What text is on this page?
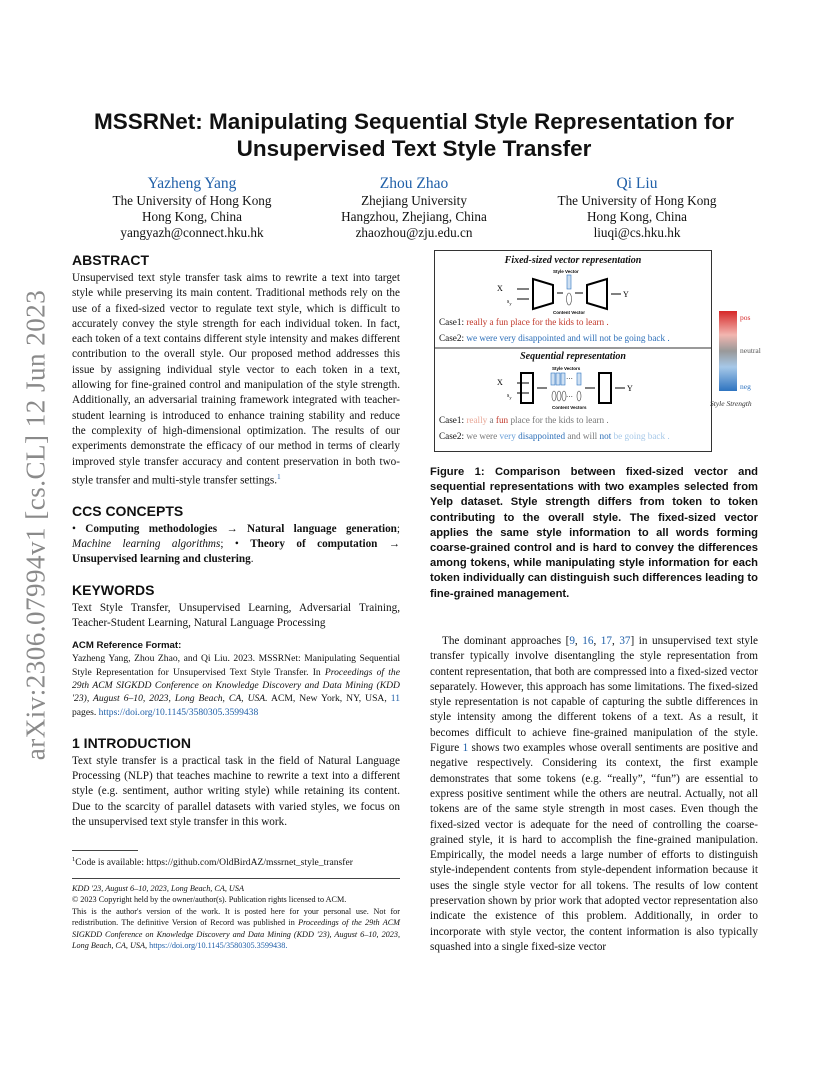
arXiv:2306.07994v1 [cs.CL] 12 Jun 2023
MSSRNet: Manipulating Sequential Style Representation for Unsupervised Text Style Transfer
Yazheng Yang
The University of Hong Kong
Hong Kong, China
yangyazh@connect.hku.hk
Zhou Zhao
Zhejiang University
Hangzhou, Zhejiang, China
zhaozhou@zju.edu.cn
Qi Liu
The University of Hong Kong
Hong Kong, China
liuqi@cs.hku.hk
ABSTRACT

Unsupervised text style transfer task aims to rewrite a text into target style while preserving its main content. Traditional methods rely on the use of a fixed-sized vector to regulate text style, which is difficult to accurately convey the style strength for each individual token. In fact, each token of a text contains different style intensity and makes different contribution to the overall style. Our proposed method addresses this issue by assigning individual style vector to each token in a text, allowing for fine-grained control and manipulation of the style strength. Additionally, an adversarial training framework integrated with teacher-student learning is introduced to enhance training stability and reduce the complexity of high-dimensional optimization. The results of our experiments demonstrate the efficacy of our method in terms of clearly improved style transfer accuracy and content preservation in both two-style transfer and multi-style transfer settings.$^1$

CCS CONCEPTS

• Computing methodologies → Natural language generation; Machine learning algorithms; • Theory of computation → Unsupervised learning and clustering.

KEYWORDS

Text Style Transfer, Unsupervised Learning, Adversarial Training, Teacher-Student Learning, Natural Language Processing

ACM Reference Format:

Yazheng Yang, Zhou Zhao, and Qi Liu. 2023. MSSRNet: Manipulating Sequential Style Representation for Unsupervised Text Style Transfer. In Proceedings of the 29th ACM SIGKDD Conference on Knowledge Discovery and Data Mining (KDD '23), August 6–10, 2023, Long Beach, CA, USA. ACM, New York, NY, USA, 11 pages. https://doi.org/10.1145/3580305.3599438

1 INTRODUCTION

Text style transfer is a practical task in the field of Natural Language Processing (NLP) that teaches machine to rewrite a text into a different style (e.g. sentiment, author writing style) while retaining its content. Due to the scarcity of parallel datasets with varied styles, we focus on the unsupervised text style transfer in this work.

$^1$Code is available: https://github.com/OldBirdAZ/mssrnet_style_transfer

KDD '23, August 6–10, 2023, Long Beach, CA, USA

© 2023 Copyright held by the owner/author(s). Publication rights licensed to ACM.

This is the author's version of the work. It is posted here for your personal use. Not for redistribution. The definitive Version of Record was published in Proceedings of the 29th ACM SIGKDD Conference on Knowledge Discovery and Data Mining (KDD '23), August 6–10, 2023, Long Beach, CA, USA, https://doi.org/10.1145/3580305.3599438.

Fixed-sized vector representation
X
$s_y$
Style Vector
Content Vector
Y
X
$s_y$
Style Vectors
···
···
Content Vectors
Y
Case1: really a fun place for the kids to learn .
Case2: we were very disappointed and will not be going back .
Sequential representation
Case1: really a fun place for the kids to learn .
Case2: we were very disappointed and will not be going back .
pos
neutral
neg
Style Strength
Figure 1: Comparison between fixed-sized vector and sequential representations with two examples selected from Yelp dataset. Style strength differs from token to token contributing to the overall style. The fixed-sized vector applies the same style information to all words forming coarse-grained control and is hard to convey the differences among tokens, while manipulating style information for each token individually can distinguish such differences leading to fine-grained management.

The dominant approaches [9, 16, 17, 37] in unsupervised text style transfer typically involve disentangling the style representation from content representation, that both are compressed into a fixed-sized vector separately. However, this approach has some limitations. The fixed-sized style representation is not capable of capturing the subtle differences in style intensity among the different tokens of a text. As a result, it becomes difficult to achieve fine-grained manipulation of the style. Figure 1 shows two examples whose overall sentiments are positive and negative respectively. Considering its context, the first example demonstrates that some tokens (e.g. “really”, “fun”) are essential to express positive sentiment while the others are neutral. Actually, not all tokens are of the same style strength in most cases. Even though the fixed-sized vector is adequate for the need of controlling the coarse-grained style, it is hard to accomplish the fine-grained manipulation. Empirically, the model needs a large number of efforts to distinguish style-independent contents from style-dependent information because it uses the single style vector for all tokens. The results of low content preservation shown by prior work that adopted vector representation also indicate the existence of this problem. Additionally, in order to incorporate with style vector, the content information is also typically squashed into a single fixed-size vector
